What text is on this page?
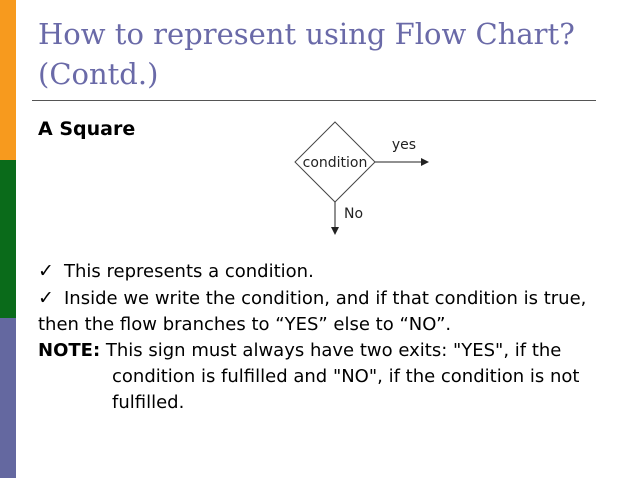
How to represent using Flow Chart?
(Contd.)
A Square
condition
yes
No
✓ This represents a condition.
✓ Inside we write the condition, and if that condition is true,
then the flow branches to “YES” else to “NO”.
NOTE: This sign must always have two exits: "YES", if the
condition is fulfilled and "NO", if the condition is not
fulfilled.
